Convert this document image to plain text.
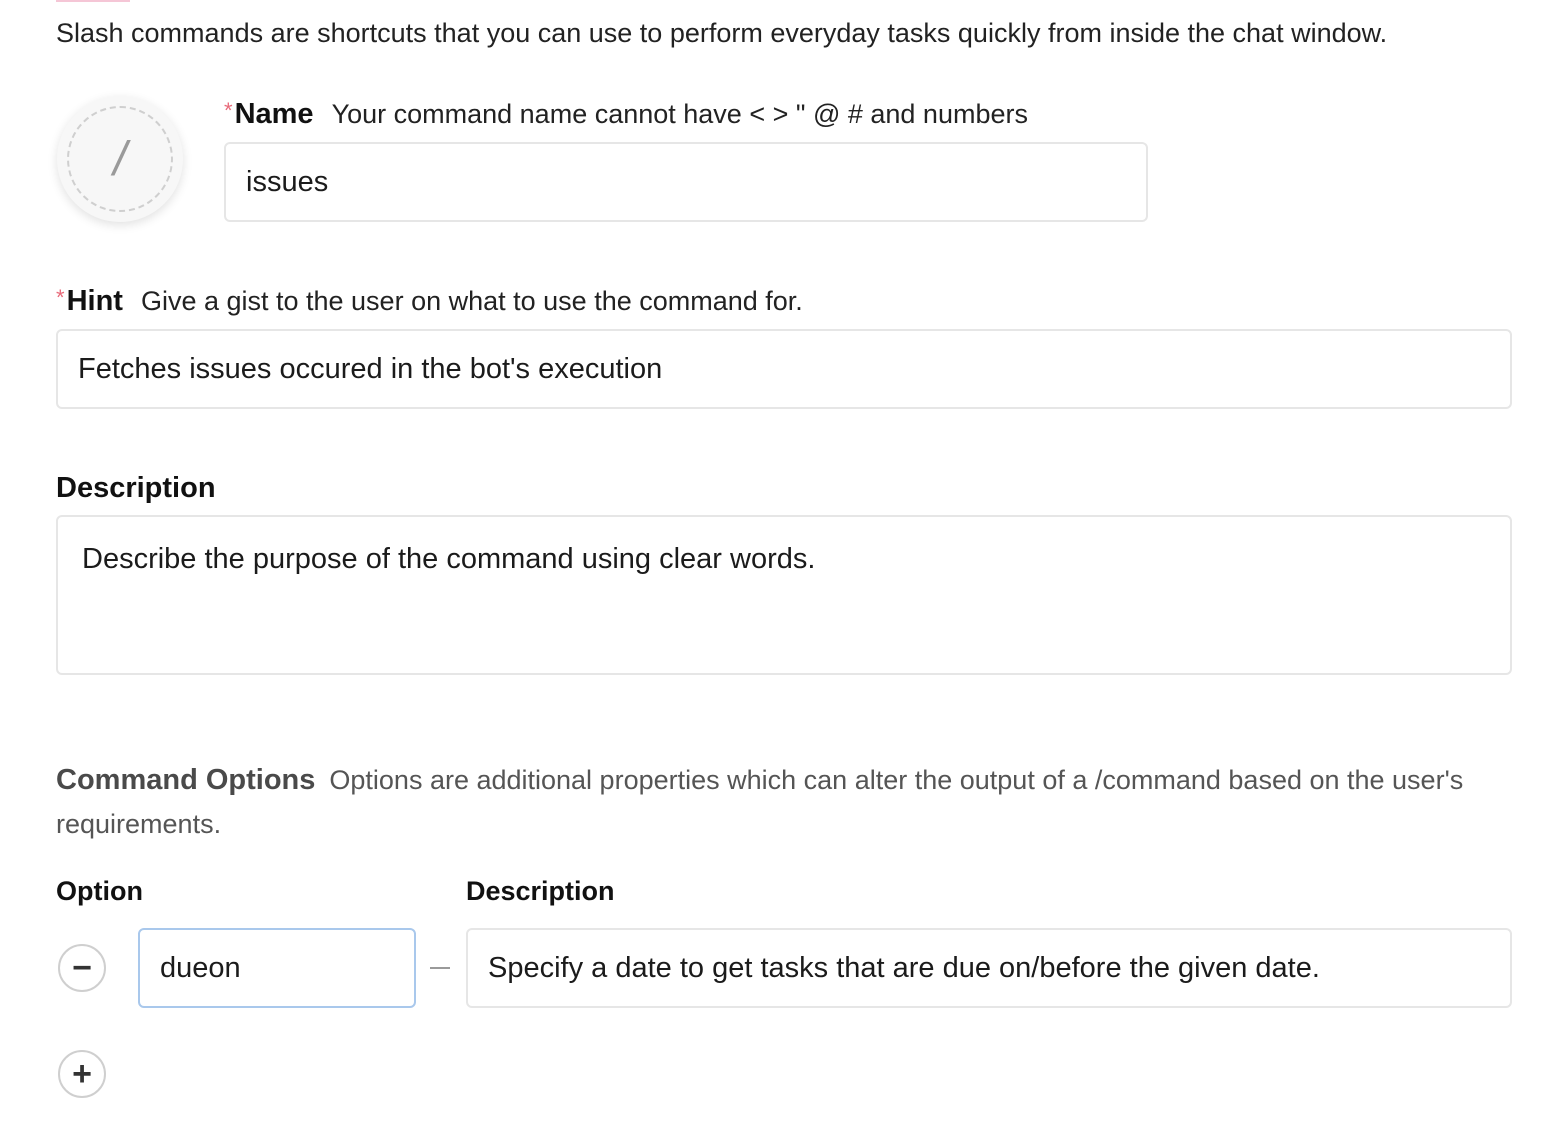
Slash commands are shortcuts that you can use to perform everyday tasks quickly from inside the chat window.
/
* Name Your command name cannot have < > " @ # and numbers
issues
* Hint Give a gist to the user on what to use the command for.
Fetches issues occured in the bot's execution
Description
Describe the purpose of the command using clear words.
Command Options Options are additional properties which can alter the output of a /command based on the user's requirements.
Option	Description
−	dueon	Specify a date to get tasks that are due on/before the given date.
+
